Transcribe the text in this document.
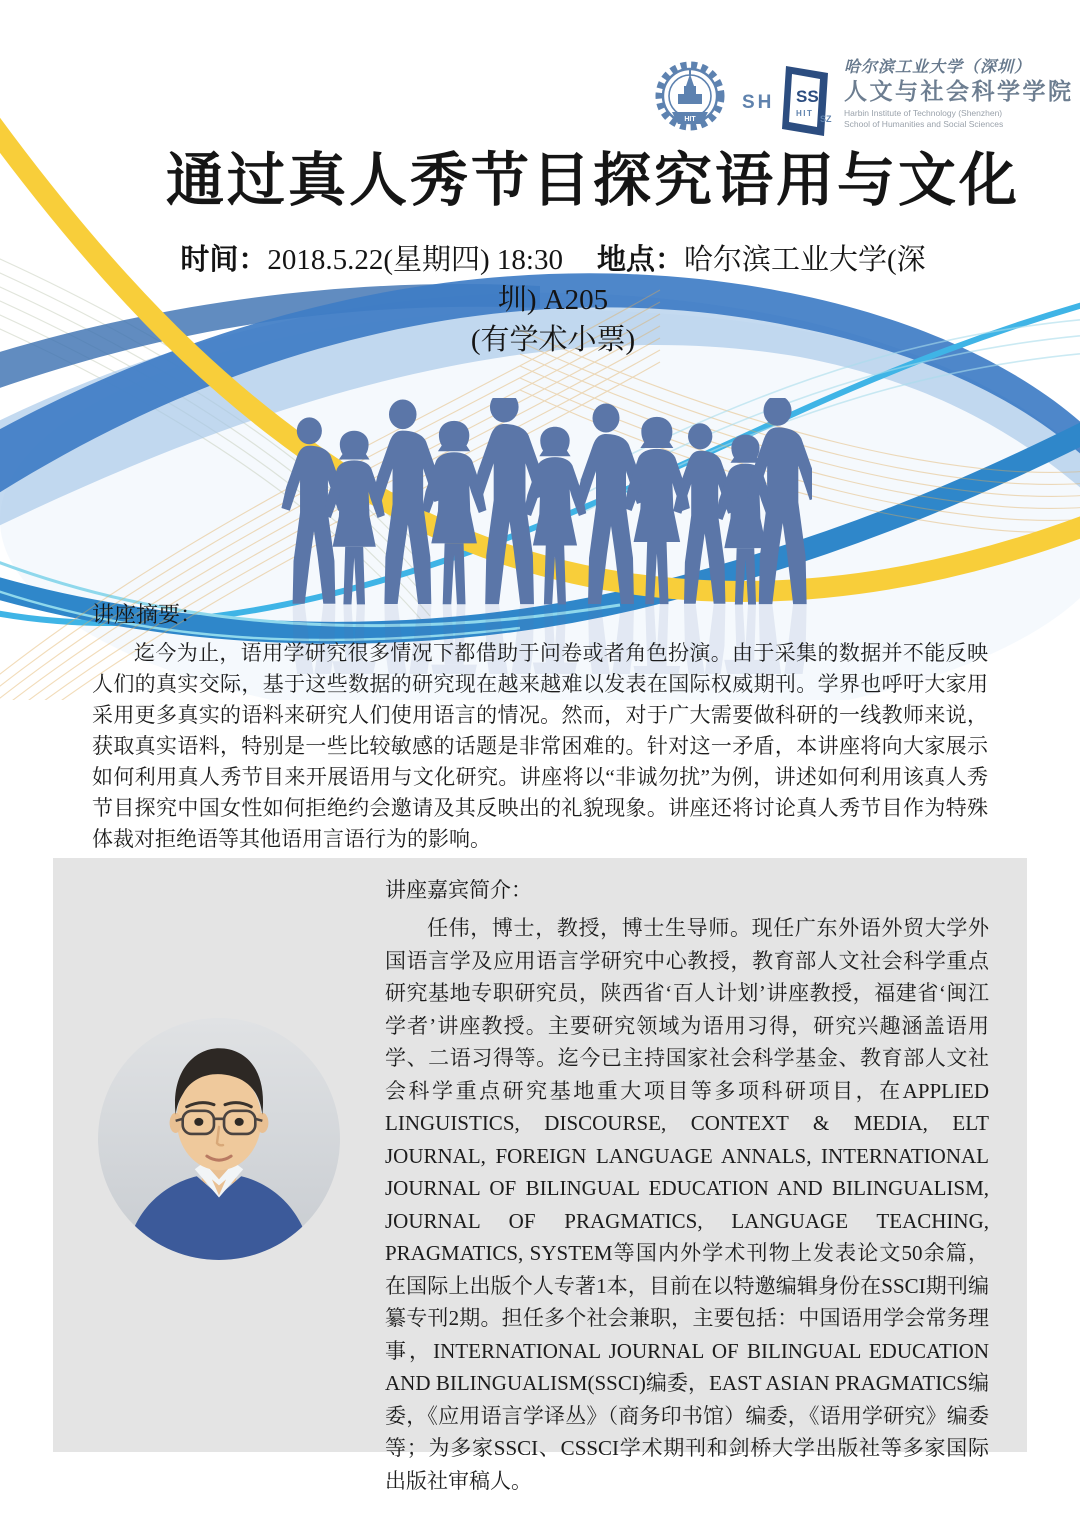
HIT
SH SS
HIT
SZ

哈尔滨工业大学（深圳）

人文与社会科学学院

Harbin Institute of Technology (Shenzhen)

School of Humanities and Social Sciences

通过真人秀节目探究语用与文化
时间：2018.5.22(星期四) 18:30 地点：哈尔滨工业大学(深圳) A205
(有学术小票)
讲座摘要：

迄今为止，语用学研究很多情况下都借助于问卷或者角色扮演。由于采集的数据并不能反映人们的真实交际，基于这些数据的研究现在越来越难以发表在国际权威期刊。学界也呼吁大家用采用更多真实的语料来研究人们使用语言的情况。然而，对于广大需要做科研的一线教师来说，获取真实语料，特别是一些比较敏感的话题是非常困难的。针对这一矛盾，本讲座将向大家展示如何利用真人秀节目来开展语用与文化研究。讲座将以“非诚勿扰”为例，讲述如何利用该真人秀节目探究中国女性如何拒绝约会邀请及其反映出的礼貌现象。讲座还将讨论真人秀节目作为特殊体裁对拒绝语等其他语用言语行为的影响。

讲座嘉宾简介：

任伟，博士，教授，博士生导师。现任广东外语外贸大学外国语言学及应用语言学研究中心教授，教育部人文社会科学重点研究基地专职研究员，陕西省‘百人计划’讲座教授，福建省‘闽江学者’讲座教授。主要研究领域为语用习得，研究兴趣涵盖语用学、二语习得等。迄今已主持国家社会科学基金、教育部人文社会科学重点研究基地重大项目等多项科研项目，在APPLIED LINGUISTICS, DISCOURSE, CONTEXT & MEDIA, ELT JOURNAL, FOREIGN LANGUAGE ANNALS, INTERNATIONAL JOURNAL OF BILINGUAL EDUCATION AND BILINGUALISM, JOURNAL OF PRAGMATICS, LANGUAGE TEACHING, PRAGMATICS, SYSTEM等国内外学术刊物上发表论文50余篇，在国际上出版个人专著1本，目前在以特邀编辑身份在SSCI期刊编纂专刊2期。担任多个社会兼职，主要包括：中国语用学会常务理事，INTERNATIONAL JOURNAL OF BILINGUAL EDUCATION AND BILINGUALISM(SSCI)编委，EAST ASIAN PRAGMATICS编委，《应用语言学译丛》（商务印书馆）编委，《语用学研究》编委等；为多家SSCI、CSSCI学术期刊和剑桥大学出版社等多家国际出版社审稿人。
